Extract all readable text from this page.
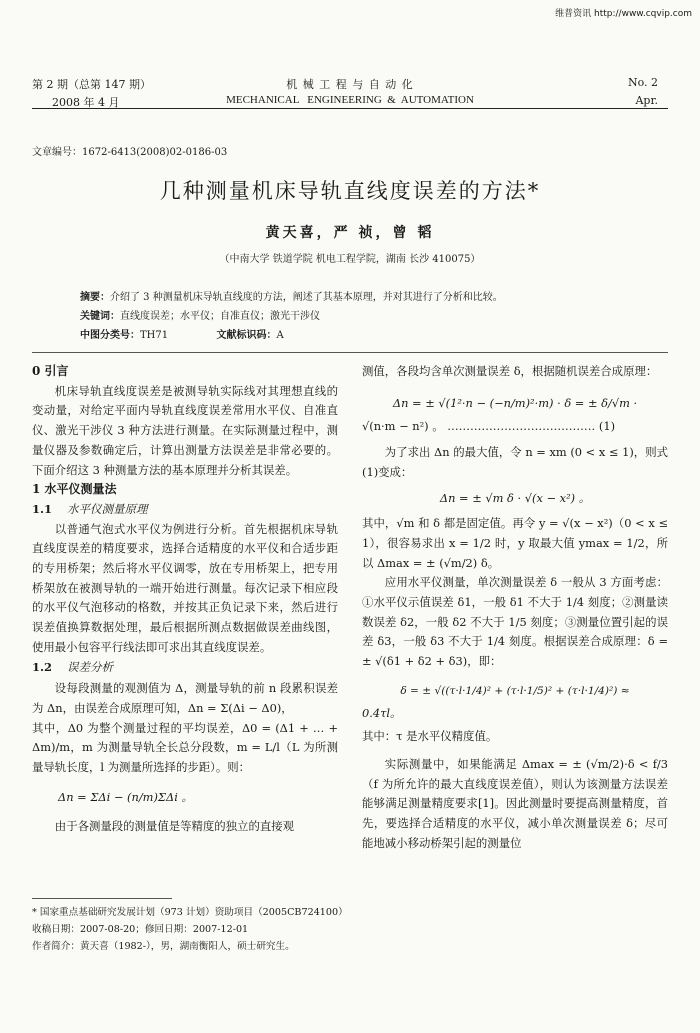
维普资讯 http://www.cqvip.com
第 2 期（总第 147 期）
2008 年 4 月
机 械 工 程 与 自 动 化
MECHANICAL   ENGINEERING  &  AUTOMATION
No. 2
Apr.
文章编号：1672-6413(2008)02-0186-03
几种测量机床导轨直线度误差的方法*
黄天喜，严 祯，曾 韬
（中南大学 铁道学院 机电工程学院，湖南 长沙 410075）
摘要：介绍了 3 种测量机床导轨直线度的方法，阐述了其基本原理，并对其进行了分析和比较。
关键词：直线度误差；水平仪；自准直仪；激光干涉仪
中图分类号：TH71	文献标识码：A
0 引言

机床导轨直线度误差是被测导轨实际线对其理想直线的变动量，对给定平面内导轨直线度误差常用水平仪、自准直仪、激光干涉仪 3 种方法进行测量。在实际测量过程中，测量仪器及参数确定后，计算出测量方法误差是非常必要的。下面介绍这 3 种测量方法的基本原理并分析其误差。

1 水平仪测量法
1.1 水平仪测量原理

以普通气泡式水平仪为例进行分析。首先根据机床导轨直线度误差的精度要求，选择合适精度的水平仪和合适步距的专用桥架；然后将水平仪调零，放在专用桥架上，把专用桥架放在被测导轨的一端开始进行测量。每次记录下相应段的水平仪气泡移动的格数，并按其正负记录下来，然后进行误差值换算数据处理，最后根据所测点数据做误差曲线图，使用最小包容平行线法即可求出其直线度误差。

1.2 误差分析

设每段测量的观测值为 Δ，测量导轨的前 n 段累积误差为 Δn，由误差合成原理可知，Δn = Σ(Δi − Δ0)，

其中，Δ0 为整个测量过程的平均误差，Δ0 = (Δ1 + … + Δm)/m，m 为测量导轨全长总分段数，m = L/l（L 为所测量导轨长度，l 为测量所选择的步距）。则：

Δn = ΣΔi − (n/m)ΣΔi 。

由于各测量段的测量值是等精度的独立的直接观

测值，各段均含单次测量误差 δ，根据随机误差合成原理：

Δn = ± √(1²·n − (−n/m)²·m) · δ = ± δ/√m ·
√(n·m − n²) 。 ………………………………… (1)

为了求出 Δn 的最大值，令 n = xm (0 < x ≤ 1)，则式(1)变成：

Δn = ± √m δ · √(x − x²) 。

其中，√m 和 δ 都是固定值。再令 y = √(x − x²)（0 < x ≤ 1），很容易求出 x = 1/2 时，y 取最大值 ymax = 1/2，所以 Δmax = ± (√m/2) δ。

应用水平仪测量，单次测量误差 δ 一般从 3 方面考虑：①水平仪示值误差 δ1，一般 δ1 不大于 1/4 刻度；②测量读数误差 δ2，一般 δ2 不大于 1/5 刻度；③测量位置引起的误差 δ3，一般 δ3 不大于 1/4 刻度。根据误差合成原理：δ = ± √(δ1 + δ2 + δ3)，即：

δ = ± √((τ·l·1/4)² + (τ·l·1/5)² + (τ·l·1/4)²) ≈
0.4τl。

其中：τ 是水平仪精度值。

实际测量中，如果能满足 Δmax = ± (√m/2)·δ < f/3（f 为所允许的最大直线度误差值），则认为该测量方法误差能够满足测量精度要求[1]。因此测量时要提高测量精度，首先，要选择合适精度的水平仪，减小单次测量误差 δ；尽可能地减小移动桥架引起的测量位

* 国家重点基础研究发展计划（973 计划）资助项目（2005CB724100）
收稿日期：2007-08-20；修回日期：2007-12-01
作者简介：黄天喜（1982-），男，湖南衡阳人，硕士研究生。
